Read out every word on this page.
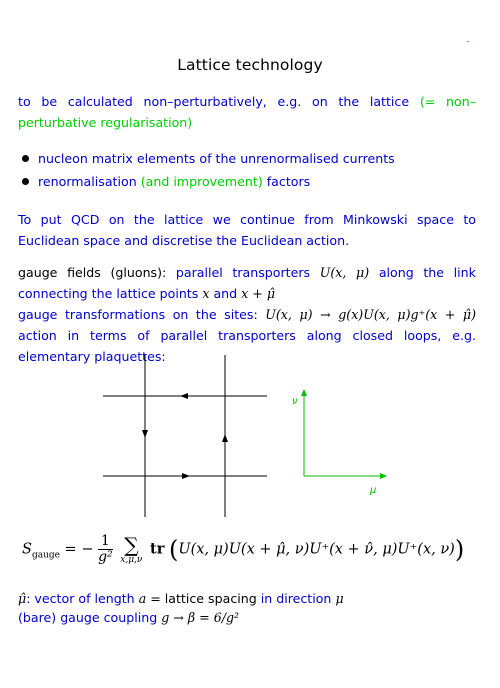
˘
Lattice technology
to be calculated non–perturbatively, e.g. on the lattice (= non–perturbative regularisation)
nucleon matrix elements of the unrenormalised currents
renormalisation (and improvement) factors
To put QCD on the lattice we continue from Minkowski space to Euclidean space and discretise the Euclidean action.
gauge fields (gluons): parallel transporters U(x, μ) along the link connecting the lattice points x and x + μ̂
gauge transformations on the sites: U(x, μ) → g(x)U(x, μ)g⁺(x + μ̂) action in terms of parallel transporters along closed loops, e.g. elementary plaquettes:
ν
μ
$S_{gauge}$ = − $\frac{1}{\text{g²}}$
∑
x,μ,ν
tr (U(x, μ)U(x + μ̂, ν)U⁺(x + ν̂, μ)U⁺(x, ν))
μ̂: vector of length a = lattice spacing in direction μ
(bare) gauge coupling g → β = 6/g²
